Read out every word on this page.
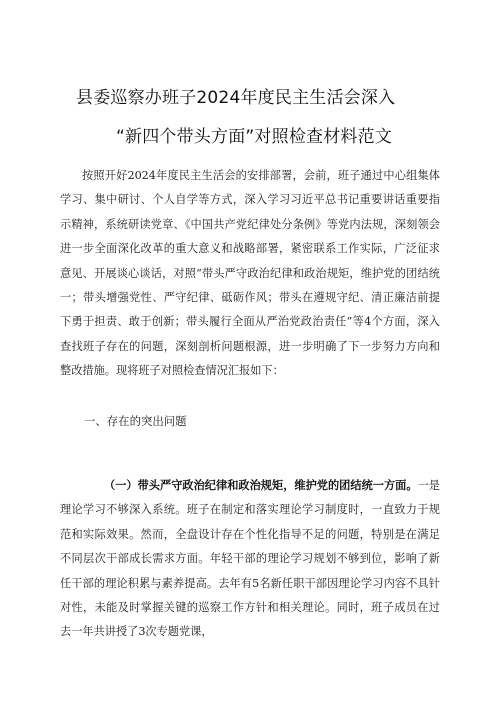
县委巡察办班子2024年度民主生活会深入
“新四个带头方面”对照检查材料范文

按照开好2024年度民主生活会的安排部署，会前，班子通过中心组集体学习、集中研讨、个人自学等方式，深入学习习近平总书记重要讲话重要指示精神，系统研读党章、《中国共产党纪律处分条例》等党内法规，深刻领会进一步全面深化改革的重大意义和战略部署，紧密联系工作实际，广泛征求意见、开展谈心谈话，对照“带头严守政治纪律和政治规矩，维护党的团结统一；带头增强党性、严守纪律、砥砺作风；带头在遵规守纪、清正廉洁前提下勇于担责、敢于创新；带头履行全面从严治党政治责任”等4个方面，深入查找班子存在的问题，深刻剖析问题根源，进一步明确了下一步努力方向和整改措施。现将班子对照检查情况汇报如下：

一、存在的突出问题

（一）带头严守政治纪律和政治规矩，维护党的团结统一方面。一是理论学习不够深入系统。班子在制定和落实理论学习制度时，一直致力于规范和实际效果。然而，全盘设计存在个性化指导不足的问题，特别是在满足不同层次干部成长需求方面。年轻干部的理论学习规划不够到位，影响了新任干部的理论积累与素养提高。去年有5名新任职干部因理论学习内容不具针对性，未能及时掌握关键的巡察工作方针和相关理论。同时，班子成员在过去一年共讲授了3次专题党课，
